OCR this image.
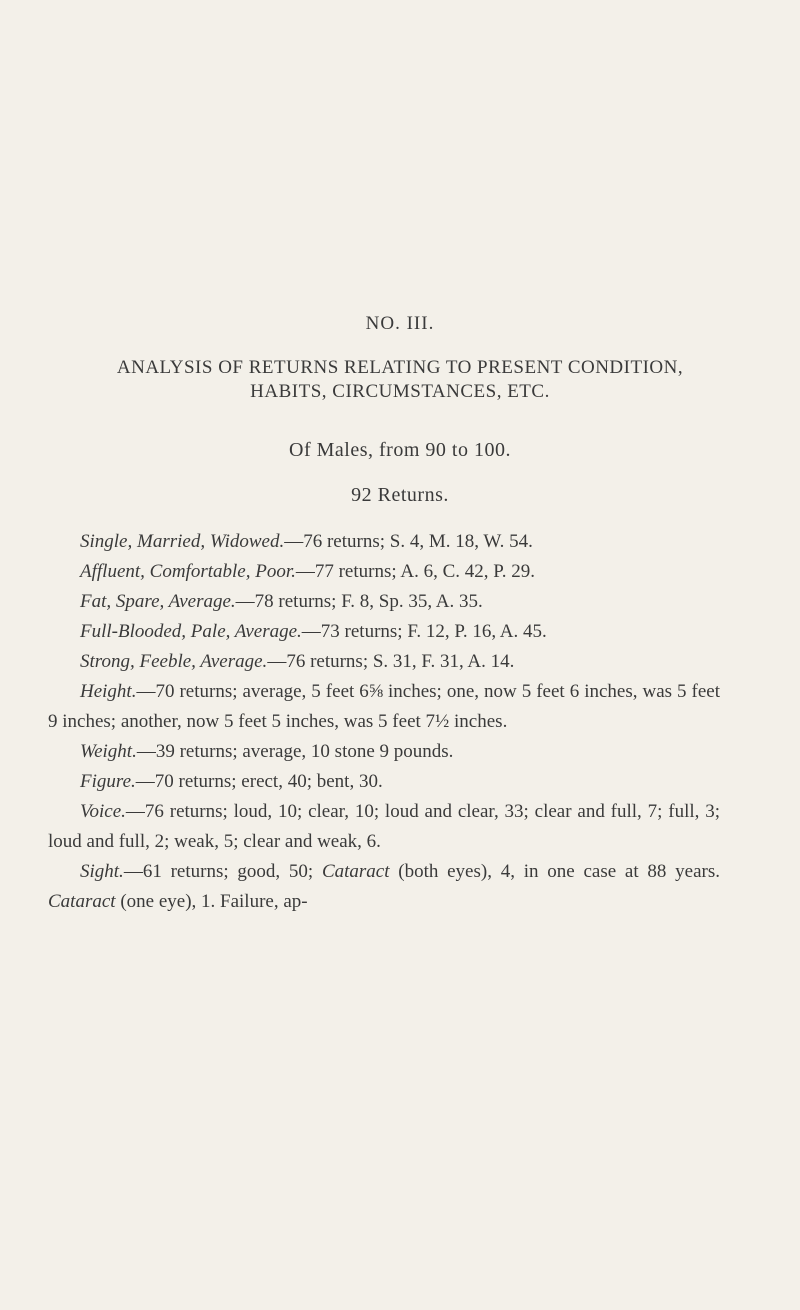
NO. III.
ANALYSIS OF RETURNS RELATING TO PRESENT CONDITION,
HABITS, CIRCUMSTANCES, ETC.
Of Males, from 90 to 100.
92 Returns.

Single, Married, Widowed.—76 returns; S. 4, M. 18, W. 54.

Affluent, Comfortable, Poor.—77 returns; A. 6, C. 42, P. 29.

Fat, Spare, Average.—78 returns; F. 8, Sp. 35, A. 35.

Full-Blooded, Pale, Average.—73 returns; F. 12, P. 16, A. 45.

Strong, Feeble, Average.—76 returns; S. 31, F. 31, A. 14.

Height.—70 returns; average, 5 feet 6⅝ inches; one, now 5 feet 6 inches, was 5 feet 9 inches; another, now 5 feet 5 inches, was 5 feet 7½ inches.

Weight.—39 returns; average, 10 stone 9 pounds.

Figure.—70 returns; erect, 40; bent, 30.

Voice.—76 returns; loud, 10; clear, 10; loud and clear, 33; clear and full, 7; full, 3; loud and full, 2; weak, 5; clear and weak, 6.

Sight.—61 returns; good, 50; Cataract (both eyes), 4, in one case at 88 years. Cataract (one eye), 1. Failure, ap-
